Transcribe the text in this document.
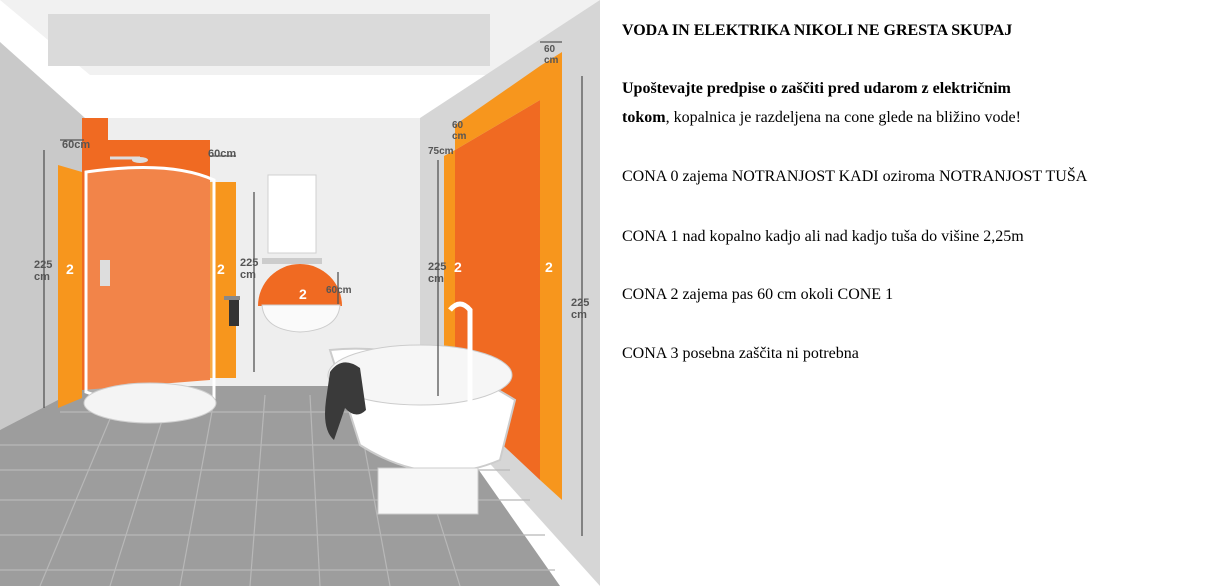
60cm
60cm
225 cm
225 cm
60cm
60 cm
60 cm
75cm
225 cm
225 cm
2	2
2
2	2
VODA IN ELEKTRIKA NIKOLI NE GRESTA SKUPAJ
Upoštevajte predpise o zaščiti pred udarom z električnim
tokom, kopalnica je razdeljena na cone glede na bližino vode!
CONA 0 zajema NOTRANJOST KADI oziroma NOTRANJOST TUŠA
CONA 1 nad kopalno kadjo ali nad kadjo tuša do višine 2,25m
CONA 2 zajema pas 60 cm okoli CONE 1
CONA 3 posebna zaščita ni potrebna
